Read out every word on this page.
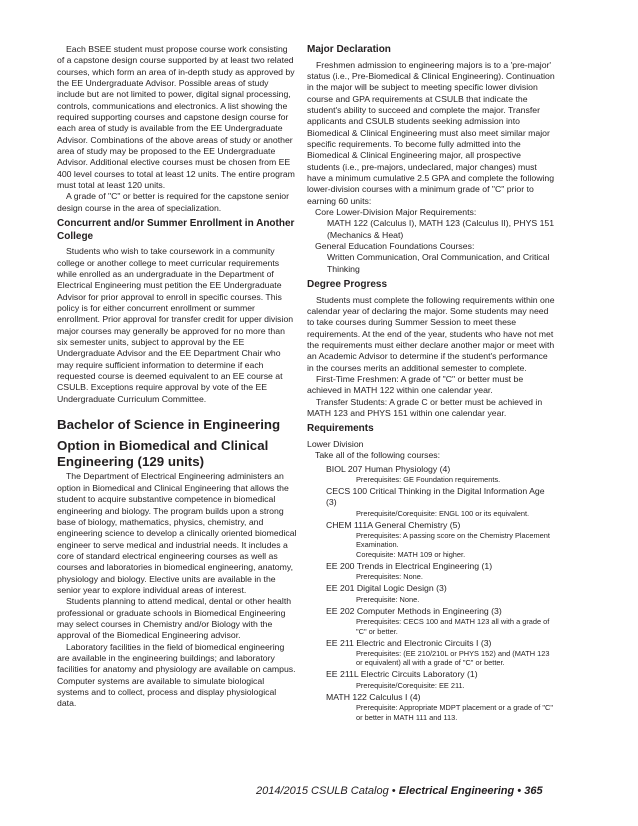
Each BSEE student must propose course work consisting of a capstone design course supported by at least two related courses, which form an area of in-depth study as approved by the EE Undergraduate Advisor. Possible areas of study include but are not limited to power, digital signal processing, controls, communications and electronics. A list showing the required supporting courses and capstone design course for each area of study is available from the EE Undergraduate Advisor. Combinations of the above areas of study or another area of study may be proposed to the EE Undergraduate Advisor. Additional elective courses must be chosen from EE 400 level courses to total at least 12 units. The entire program must total at least 120 units.

A grade of "C" or better is required for the capstone senior design course in the area of specialization.

Concurrent and/or Summer Enrollment in Another College

Students who wish to take coursework in a community college or another college to meet curricular requirements while enrolled as an undergraduate in the Department of Electrical Engineering must petition the EE Undergraduate Advisor for prior approval to enroll in specific courses. This policy is for either concurrent enrollment or summer enrollment. Prior approval for transfer credit for upper division major courses may generally be approved for no more than six semester units, subject to approval by the EE Undergraduate Advisor and the EE Department Chair who may require sufficient information to determine if each requested course is deemed equivalent to an EE course at CSULB. Exceptions require approval by vote of the EE Undergraduate Curriculum Committee.

Bachelor of Science in Engineering
Option in Biomedical and Clinical Engineering (129 units)

The Department of Electrical Engineering administers an option in Biomedical and Clinical Engineering that allows the student to acquire substantive competence in biomedical engineering and biology. The program builds upon a strong base of biology, mathematics, physics, chemistry, and engineering science to develop a clinically oriented biomedical engineer to serve medical and industrial needs. It includes a core of standard electrical engineering courses as well as courses and laboratories in biomedical engineering, anatomy, physiology and biology. Elective units are available in the senior year to explore individual areas of interest.

Students planning to attend medical, dental or other health professional or graduate schools in Biomedical Engineering may select courses in Chemistry and/or Biology with the approval of the Biomedical Engineering advisor.

Laboratory facilities in the field of biomedical engineering are available in the engineering buildings; and laboratory facilities for anatomy and physiology are available on campus. Computer systems are available to simulate biological systems and to collect, process and display physiological data.

Major Declaration

Freshmen admission to engineering majors is to a 'pre-major' status (i.e., Pre-Biomedical & Clinical Engineering). Continuation in the major will be subject to meeting specific lower division course and GPA requirements at CSULB that indicate the student's ability to succeed and complete the major. Transfer applicants and CSULB students seeking admission into Biomedical & Clinical Engineering must also meet similar major specific requirements. To become fully admitted into the Biomedical & Clinical Engineering major, all prospective students (i.e., pre-majors, undeclared, major changes) must have a minimum cumulative 2.5 GPA and complete the following lower-division courses with a minimum grade of "C" prior to earning 60 units:

Core Lower-Division Major Requirements:

MATH 122 (Calculus I), MATH 123 (Calculus II), PHYS 151 (Mechanics & Heat)

General Education Foundations Courses:

Written Communication, Oral Communication, and Critical Thinking

Degree Progress

Students must complete the following requirements within one calendar year of declaring the major. Some students may need to take courses during Summer Session to meet these requirements. At the end of the year, students who have not met the requirements must either declare another major or meet with an Academic Advisor to determine if the student's performance in the courses merits an additional semester to complete.

First-Time Freshmen: A grade of "C" or better must be achieved in MATH 122 within one calendar year.

Transfer Students: A grade C or better must be achieved in MATH 123 and PHYS 151 within one calendar year.

Requirements

Lower Division

Take all of the following courses:

BIOL 207 Human Physiology (4)
Prerequisites: GE Foundation requirements.
CECS 100 Critical Thinking in the Digital Information Age (3)
Prerequisite/Corequisite: ENGL 100 or its equivalent.
CHEM 111A General Chemistry (5)
Prerequisites: A passing score on the Chemistry Placement Examination.
Corequisite: MATH 109 or higher.
EE 200 Trends in Electrical Engineering (1)
Prerequisites: None.
EE 201 Digital Logic Design (3)
Prerequisite: None.
EE 202 Computer Methods in Engineering (3)
Prerequisites: CECS 100 and MATH 123 all with a grade of "C" or better.
EE 211 Electric and Electronic Circuits I (3)
Prerequisites: (EE 210/210L or PHYS 152) and (MATH 123 or equivalent) all with a grade of "C" or better.
EE 211L Electric Circuits Laboratory (1)
Prerequisite/Corequisite: EE 211.
MATH 122 Calculus I (4)
Prerequisite: Appropriate MDPT placement or a grade of "C" or better in MATH 111 and 113.
2014/2015 CSULB Catalog • Electrical Engineering • 365
